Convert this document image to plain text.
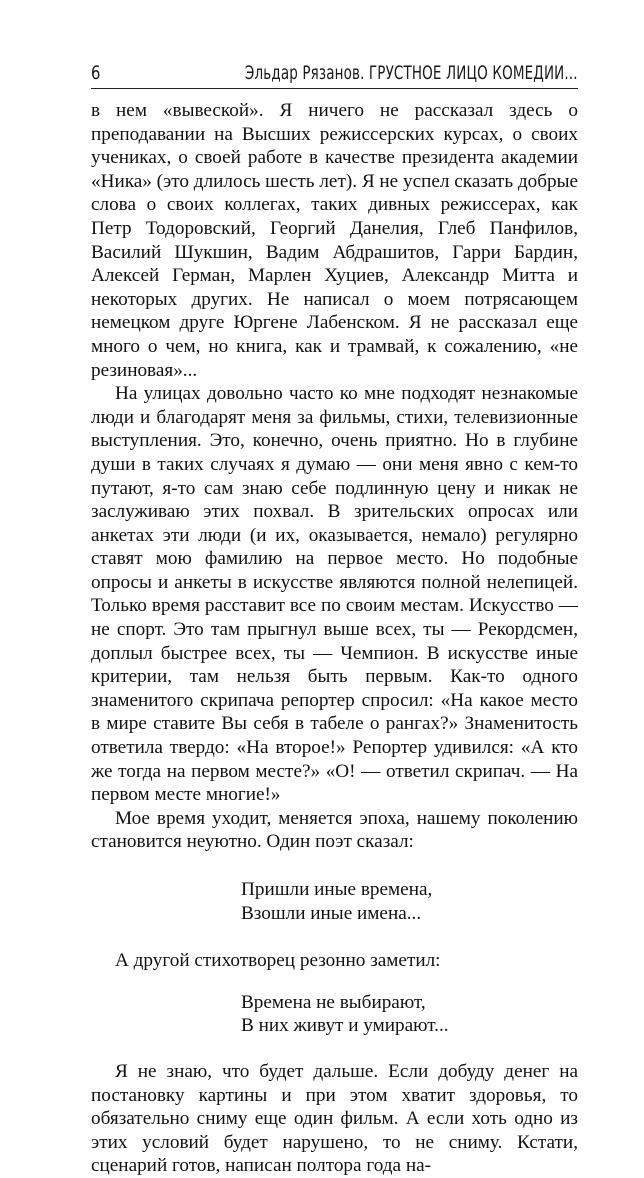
6	Эльдар Рязанов. ГРУСТНОЕ ЛИЦО КОМЕДИИ...

в нем «вывеской». Я ничего не рассказал здесь о преподавании на Высших режиссерских курсах, о своих учениках, о своей работе в качестве президента академии «Ника» (это длилось шесть лет). Я не успел сказать добрые слова о своих коллегах, таких дивных режиссерах, как Петр Тодоровский, Георгий Данелия, Глеб Панфилов, Василий Шукшин, Вадим Абдрашитов, Гарри Бардин, Алексей Герман, Марлен Хуциев, Александр Митта и некоторых других. Не написал о моем потрясающем немецком друге Юргене Лабенском. Я не рассказал еще много о чем, но книга, как и трамвай, к сожалению, «не резиновая»...

На улицах довольно часто ко мне подходят незнакомые люди и благодарят меня за фильмы, стихи, телевизионные выступления. Это, конечно, очень приятно. Но в глубине души в таких случаях я думаю — они меня явно с кем-то путают, я-то сам знаю себе подлинную цену и никак не заслуживаю этих похвал. В зрительских опросах или анкетах эти люди (и их, оказывается, немало) регулярно ставят мою фамилию на первое место. Но подобные опросы и анкеты в искусстве являются полной нелепицей. Только время расставит все по своим местам. Искусство — не спорт. Это там прыгнул выше всех, ты — Рекордсмен, доплыл быстрее всех, ты — Чемпион. В искусстве иные критерии, там нельзя быть первым. Как-то одного знаменитого скрипача репортер спросил: «На какое место в мире ставите Вы себя в табеле о рангах?» Знаменитость ответила твердо: «На второе!» Репортер удивился: «А кто же тогда на первом месте?» «О! — ответил скрипач. — На первом месте многие!»

Мое время уходит, меняется эпоха, нашему поколению становится неуютно. Один поэт сказал:

Пришли иные времена,
Взошли иные имена...

А другой стихотворец резонно заметил:

Времена не выбирают,
В них живут и умирают...

Я не знаю, что будет дальше. Если добуду денег на постановку картины и при этом хватит здоровья, то обязательно сниму еще один фильм. А если хоть одно из этих условий будет нарушено, то не сниму. Кстати, сценарий готов, написан полтора года на-
